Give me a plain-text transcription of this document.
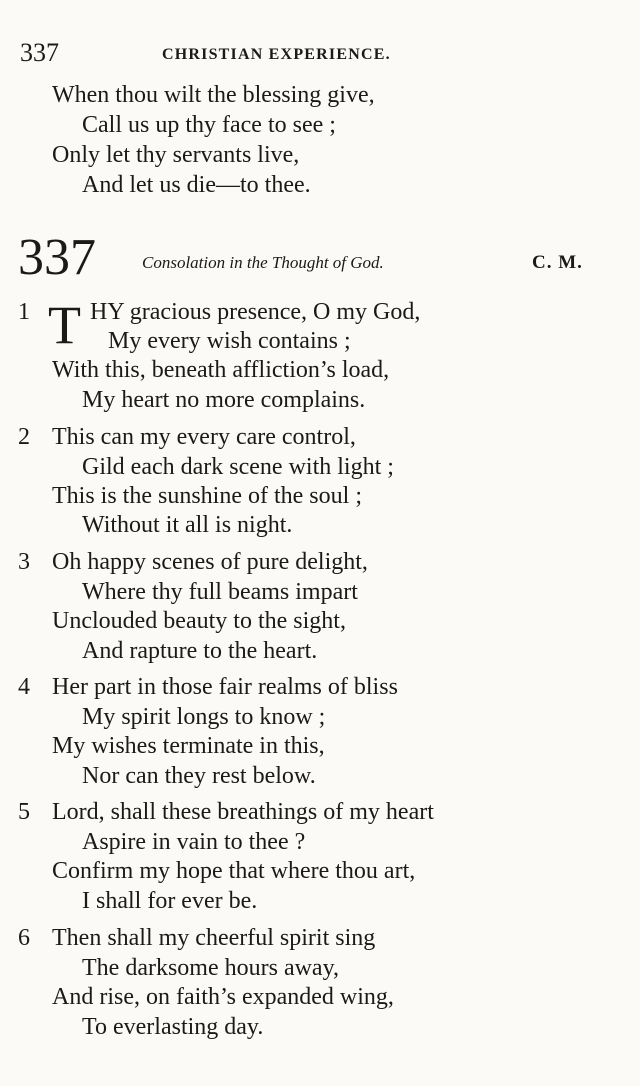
337	CHRISTIAN EXPERIENCE.
When thou wilt the blessing give,
Call us up thy face to see ;
Only let thy servants live,
And let us die—to thee.
337	Consolation in the Thought of God.	C. M.
1 T HY gracious presence, O my God,
My every wish contains ;
With this, beneath affliction’s load,
My heart no more complains.
2 This can my every care control,
Gild each dark scene with light ;
This is the sunshine of the soul ;
Without it all is night.
3 Oh happy scenes of pure delight,
Where thy full beams impart
Unclouded beauty to the sight,
And rapture to the heart.
4 Her part in those fair realms of bliss
My spirit longs to know ;
My wishes terminate in this,
Nor can they rest below.
5 Lord, shall these breathings of my heart
Aspire in vain to thee ?
Confirm my hope that where thou art,
I shall for ever be.
6 Then shall my cheerful spirit sing
The darksome hours away,
And rise, on faith’s expanded wing,
To everlasting day.
